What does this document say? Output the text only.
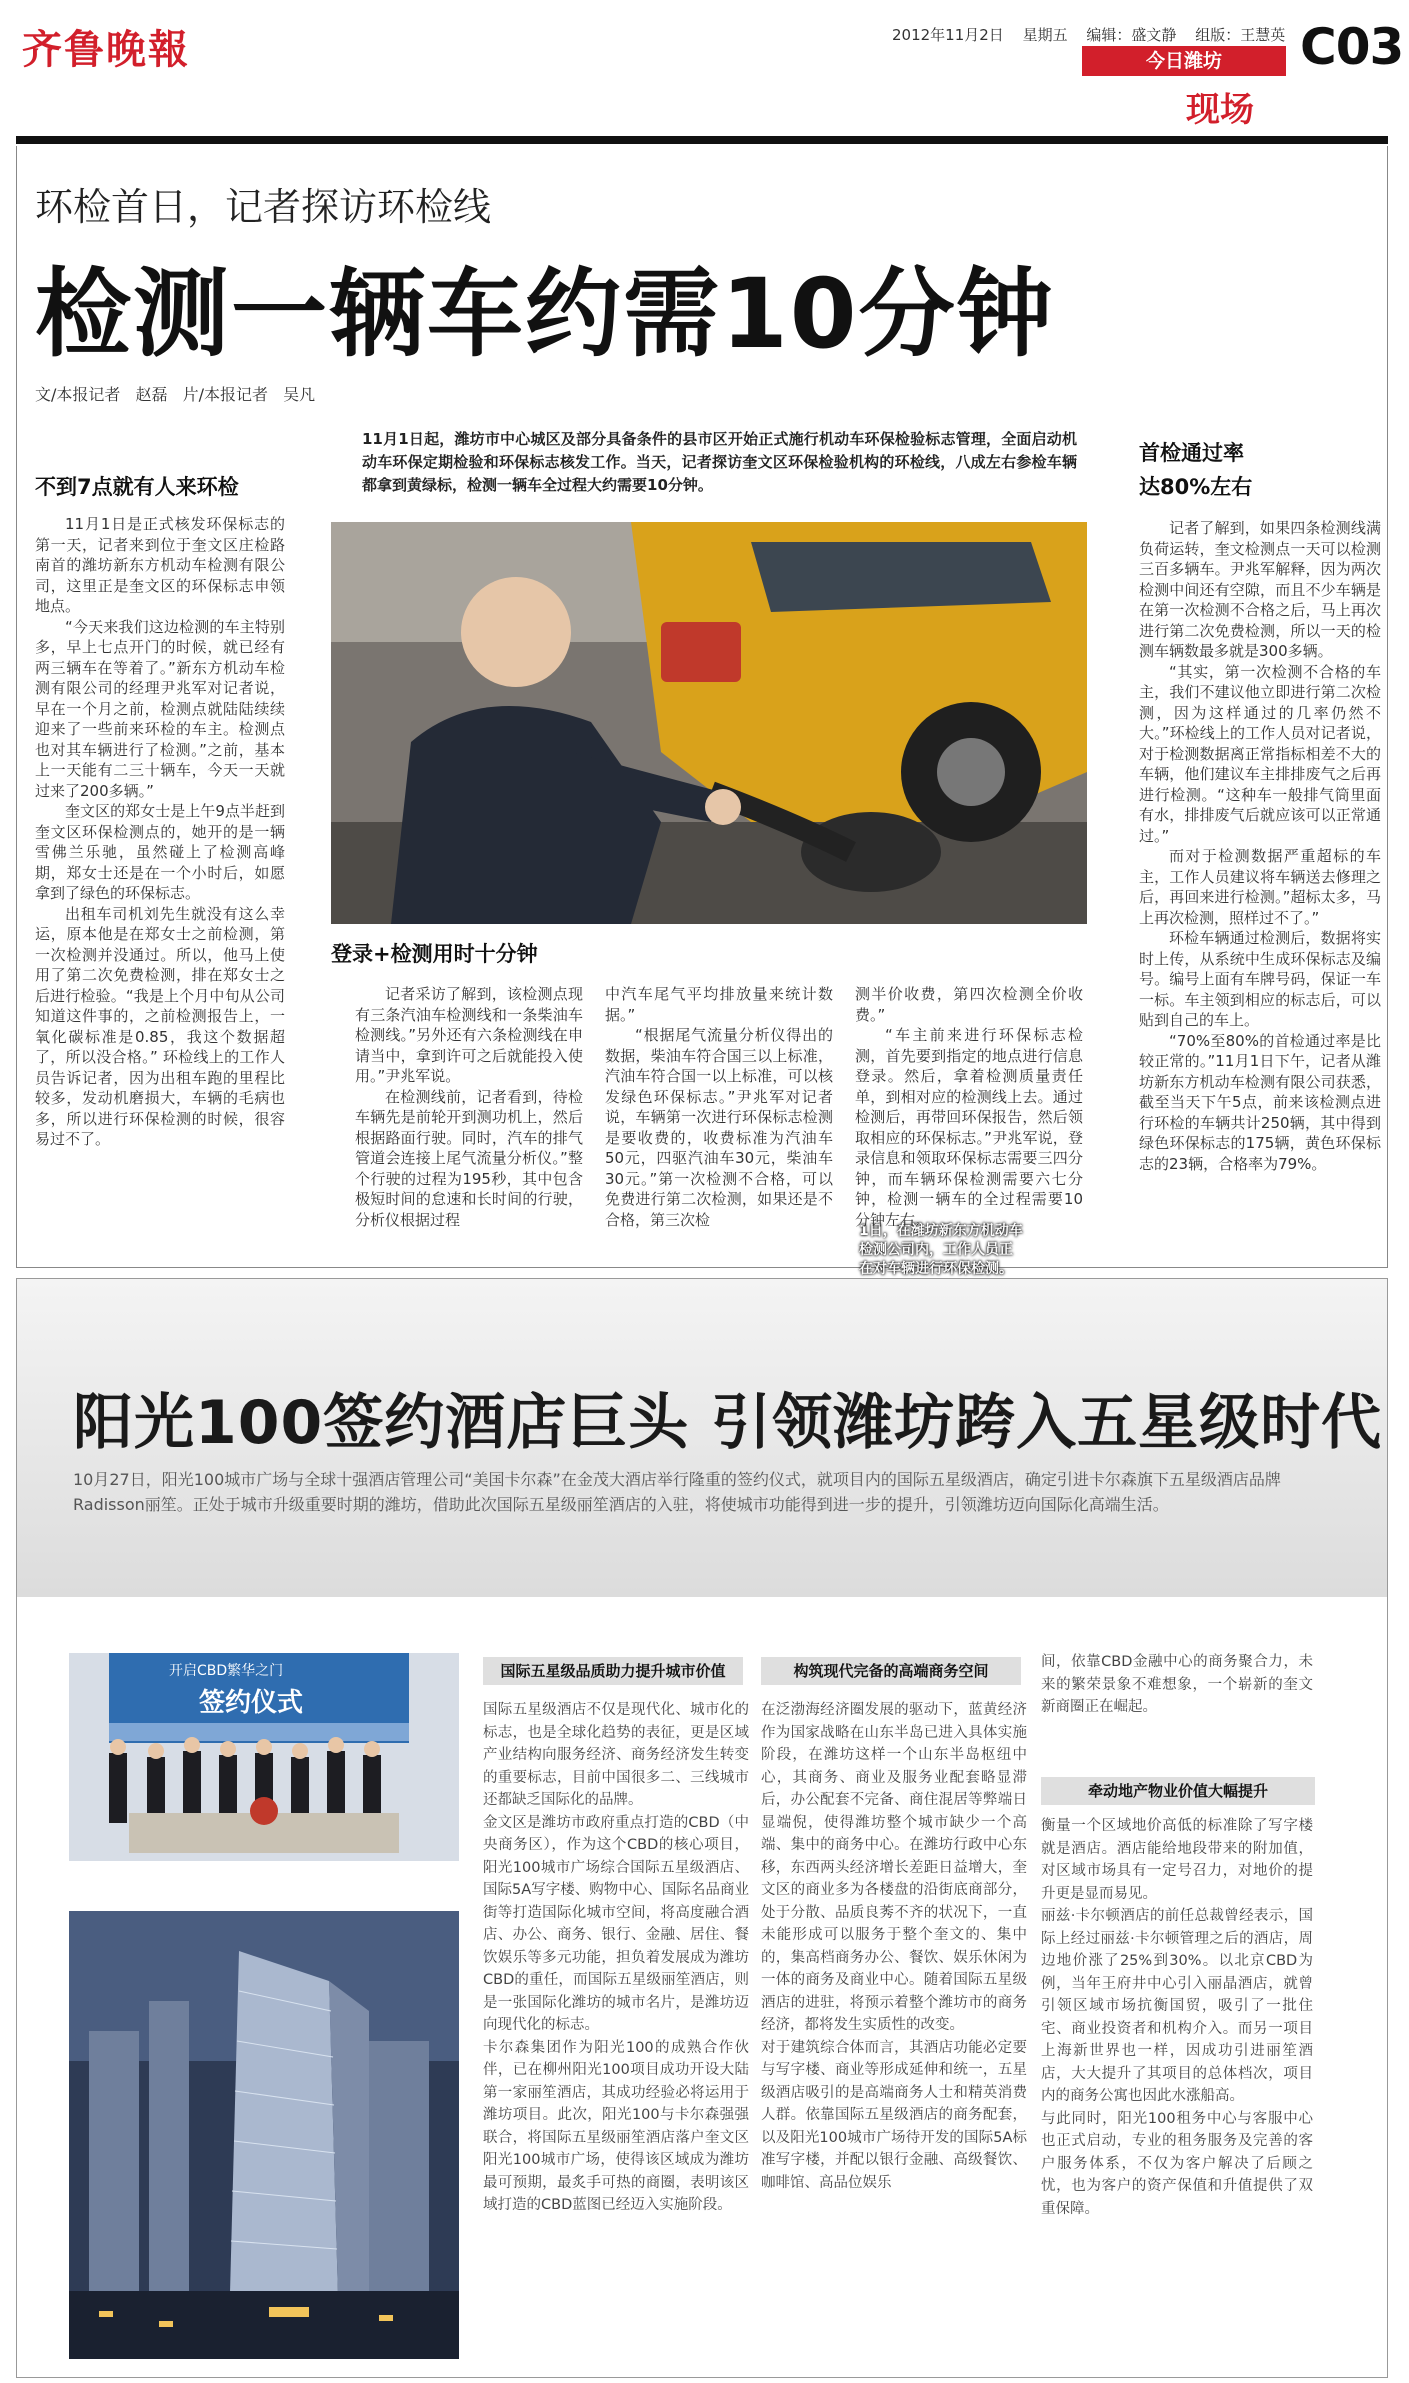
齐鲁晚報	2012年11月2日 星期五 编辑：盛文静 组版：王慧英
今日潍坊
现场
C03
环检首日，记者探访环检线
检测一辆车约需10分钟
文/本报记者 赵磊 片/本报记者 吴凡
11月1日起，潍坊市中心城区及部分具备条件的县市区开始正式施行机动车环保检验标志管理，全面启动机动车环保定期检验和环保标志核发工作。当天，记者探访奎文区环保检验机构的环检线，八成左右参检车辆都拿到黄绿标，检测一辆车全过程大约需要10分钟。
不到7点就有人来环检

11月1日是正式核发环保标志的第一天，记者来到位于奎文区庄检路南首的潍坊新东方机动车检测有限公司，这里正是奎文区的环保标志申领地点。

“今天来我们这边检测的车主特别多，早上七点开门的时候，就已经有两三辆车在等着了。”新东方机动车检测有限公司的经理尹兆军对记者说，早在一个月之前，检测点就陆陆续续迎来了一些前来环检的车主。检测点也对其车辆进行了检测。”之前，基本上一天能有二三十辆车，今天一天就过来了200多辆。”

奎文区的郑女士是上午9点半赶到奎文区环保检测点的，她开的是一辆雪佛兰乐驰，虽然碰上了检测高峰期，郑女士还是在一个小时后，如愿拿到了绿色的环保标志。

出租车司机刘先生就没有这么幸运，原本他是在郑女士之前检测，第一次检测并没通过。所以，他马上使用了第二次免费检测，排在郑女士之后进行检验。“我是上个月中旬从公司知道这件事的，之前检测报告上，一氧化碳标准是0.85，我这个数据超了，所以没合格。” 环检线上的工作人员告诉记者，因为出租车跑的里程比较多，发动机磨损大，车辆的毛病也多，所以进行环保检测的时候，很容易过不了。

1日，在潍坊新东方机动车检测公司内，工作人员正在对车辆进行环保检测。
登录+检测用时十分钟

记者采访了解到，该检测点现有三条汽油车检测线和一条柴油车检测线。”另外还有六条检测线在申请当中，拿到许可之后就能投入使用。”尹兆军说。

在检测线前，记者看到，待检车辆先是前轮开到测功机上，然后根据路面行驶。同时，汽车的排气管道会连接上尾气流量分析仪。”整个行驶的过程为195秒，其中包含极短时间的怠速和长时间的行驶，分析仪根据过程

中汽车尾气平均排放量来统计数据。”

“根据尾气流量分析仪得出的数据，柴油车符合国三以上标准，汽油车符合国一以上标准，可以核发绿色环保标志。”尹兆军对记者说，车辆第一次进行环保标志检测是要收费的，收费标准为汽油车50元，四驱汽油车30元，柴油车30元。”第一次检测不合格，可以免费进行第二次检测，如果还是不合格，第三次检

测半价收费，第四次检测全价收费。”

“车主前来进行环保标志检测，首先要到指定的地点进行信息登录。然后，拿着检测质量责任单，到相对应的检测线上去。通过检测后，再带回环保报告，然后领取相应的环保标志。”尹兆军说，登录信息和领取环保标志需要三四分钟，而车辆环保检测需要六七分钟，检测一辆车的全过程需要10分钟左右。

首检通过率
达80%左右

记者了解到，如果四条检测线满负荷运转，奎文检测点一天可以检测三百多辆车。尹兆军解释，因为两次检测中间还有空隙，而且不少车辆是在第一次检测不合格之后，马上再次进行第二次免费检测，所以一天的检测车辆数最多就是300多辆。

“其实，第一次检测不合格的车主，我们不建议他立即进行第二次检测，因为这样通过的几率仍然不大。”环检线上的工作人员对记者说，对于检测数据离正常指标相差不大的车辆，他们建议车主排排废气之后再进行检测。“这种车一般排气筒里面有水，排排废气后就应该可以正常通过。”

而对于检测数据严重超标的车主，工作人员建议将车辆送去修理之后，再回来进行检测。”超标太多，马上再次检测，照样过不了。”

环检车辆通过检测后，数据将实时上传，从系统中生成环保标志及编号。编号上面有车牌号码，保证一车一标。车主领到相应的标志后，可以贴到自己的车上。

“70%至80%的首检通过率是比较正常的。”11月1日下午，记者从潍坊新东方机动车检测有限公司获悉，截至当天下午5点，前来该检测点进行环检的车辆共计250辆，其中得到绿色环保标志的175辆，黄色环保标志的23辆，合格率为79%。

阳光100签约酒店巨头 引领潍坊跨入五星级时代
10月27日，阳光100城市广场与全球十强酒店管理公司“美国卡尔森”在金茂大酒店举行隆重的签约仪式，就项目内的国际五星级酒店，确定引进卡尔森旗下五星级酒店品牌Radisson丽笙。正处于城市升级重要时期的潍坊，借助此次国际五星级丽笙酒店的入驻，将使城市功能得到进一步的提升，引领潍坊迈向国际化高端生活。
开启CBD繁华之门
签约仪式
国际五星级品质助力提升城市价值

国际五星级酒店不仅是现代化、城市化的标志，也是全球化趋势的表征，更是区域产业结构向服务经济、商务经济发生转变的重要标志，目前中国很多二、三线城市还都缺乏国际化的品牌。

金文区是潍坊市政府重点打造的CBD（中央商务区），作为这个CBD的核心项目，阳光100城市广场综合国际五星级酒店、国际5A写字楼、购物中心、国际名品商业街等打造国际化城市空间，将高度融合酒店、办公、商务、银行、金融、居住、餐饮娱乐等多元功能，担负着发展成为潍坊CBD的重任，而国际五星级丽笙酒店，则是一张国际化潍坊的城市名片，是潍坊迈向现代化的标志。

卡尔森集团作为阳光100的成熟合作伙伴，已在柳州阳光100项目成功开设大陆第一家丽笙酒店，其成功经验必将运用于潍坊项目。此次，阳光100与卡尔森强强联合，将国际五星级丽笙酒店落户奎文区阳光100城市广场，使得该区域成为潍坊最可预期，最炙手可热的商圈，表明该区域打造的CBD蓝图已经迈入实施阶段。

构筑现代完备的高端商务空间

在泛渤海经济圈发展的驱动下，蓝黄经济作为国家战略在山东半岛已进入具体实施阶段，在潍坊这样一个山东半岛枢纽中心，其商务、商业及服务业配套略显滞后，办公配套不完备、商住混居等弊端日显端倪，使得潍坊整个城市缺少一个高端、集中的商务中心。在潍坊行政中心东移，东西两头经济增长差距日益增大，奎文区的商业多为各楼盘的沿街底商部分，处于分散、品质良莠不齐的状况下，一直未能形成可以服务于整个奎文的、集中的，集高档商务办公、餐饮、娱乐休闲为一体的商务及商业中心。随着国际五星级酒店的进驻，将预示着整个潍坊市的商务经济，都将发生实质性的改变。

对于建筑综合体而言，其酒店功能必定要与写字楼、商业等形成延伸和统一，五星级酒店吸引的是高端商务人士和精英消费人群。依靠国际五星级酒店的商务配套，以及阳光100城市广场待开发的国际5A标准写字楼，并配以银行金融、高级餐饮、咖啡馆、高品位娱乐

间，依靠CBD金融中心的商务聚合力，未来的繁荣景象不难想象，一个崭新的奎文新商圈正在崛起。

牵动地产物业价值大幅提升

衡量一个区域地价高低的标准除了写字楼就是酒店。酒店能给地段带来的附加值，对区域市场具有一定号召力，对地价的提升更是显而易见。

丽兹·卡尔顿酒店的前任总裁曾经表示，国际上经过丽兹·卡尔顿管理之后的酒店，周边地价涨了25%到30%。以北京CBD为例，当年王府井中心引入丽晶酒店，就曾引领区域市场抗衡国贸，吸引了一批住宅、商业投资者和机构介入。而另一项目上海新世界也一样，因成功引进丽笙酒店，大大提升了其项目的总体档次，项目内的商务公寓也因此水涨船高。

与此同时，阳光100租务中心与客服中心也正式启动，专业的租务服务及完善的客户服务体系，不仅为客户解决了后顾之忧，也为客户的资产保值和升值提供了双重保障。
